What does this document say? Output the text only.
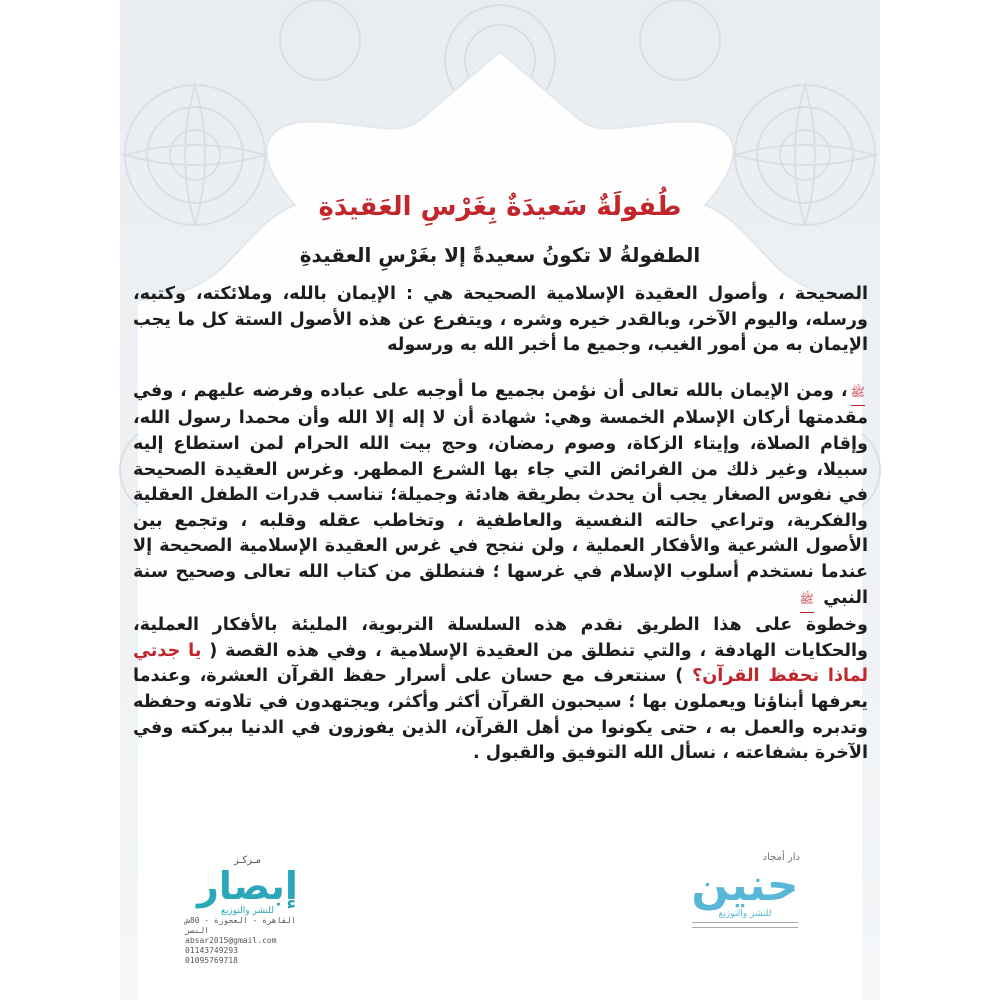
طُفولَةٌ سَعيدَةٌ بِغَرْسِ العَقيدَةِ
الطفولةُ لا تكونُ سعيدةً إلا بغَرْسِ العقيدةِ

الصحيحة ، وأصول العقيدة الإسلامية الصحيحة هي : الإيمان بالله، وملائكته، وكتبه، ورسله، واليوم الآخر، وبالقدر خيره وشره ، ويتفرع عن هذه الأصول الستة كل ما يجب الإيمان به من أمور الغيب، وجميع ما أخبر الله به ورسوله

ﷺ، ومن الإيمان بالله تعالى أن نؤمن بجميع ما أوجبه على عباده وفرضه عليهم ، وفي مقدمتها أركان الإسلام الخمسة وهي: شهادة أن لا إله إلا الله وأن محمدا رسول الله، وإقام الصلاة، وإيتاء الزكاة، وصوم رمضان، وحج بيت الله الحرام لمن استطاع إليه سبيلا، وغير ذلك من الفرائض التي جاء بها الشرع المطهر. وغرس العقيدة الصحيحة في نفوس الصغار يجب أن يحدث بطريقة هادئة وجميلة؛ تناسب قدرات الطفل العقلية والفكرية، وتراعي حالته النفسية والعاطفية ، وتخاطب عقله وقلبه ، وتجمع بين الأصول الشرعية والأفكار العملية ، ولن ننجح في غرس العقيدة الإسلامية الصحيحة إلا عندما نستخدم أسلوب الإسلام في غرسها ؛ فننطلق من كتاب الله تعالى وصحيح سنة النبي ﷺ

وخطوة على هذا الطريق نقدم هذه السلسلة التربوية، المليئة بالأفكار العملية، والحكايات الهادفة ، والتي تنطلق من العقيدة الإسلامية ، وفي هذه القصة ( يا جدتي لماذا نحفظ القرآن؟ ) سنتعرف مع حسان على أسرار حفظ القرآن العشرة، وعندما يعرفها أبناؤنا ويعملون بها ؛ سيحبون القرآن أكثر وأكثر، ويجتهدون في تلاوته وحفظه وتدبره والعمل به ، حتى يكونوا من أهل القرآن، الذين يفوزون في الدنيا ببركته وفي الآخرة بشفاعته ، نسأل الله التوفيق والقبول .

مـركـز
إبصار
للنشر والتوزيع
القاهرة - العجوزة - 80ش النصر
absar2015@gmail.com
01143749293
01095769718
دار أمجاد
حنين
للنشر والتوزيع
